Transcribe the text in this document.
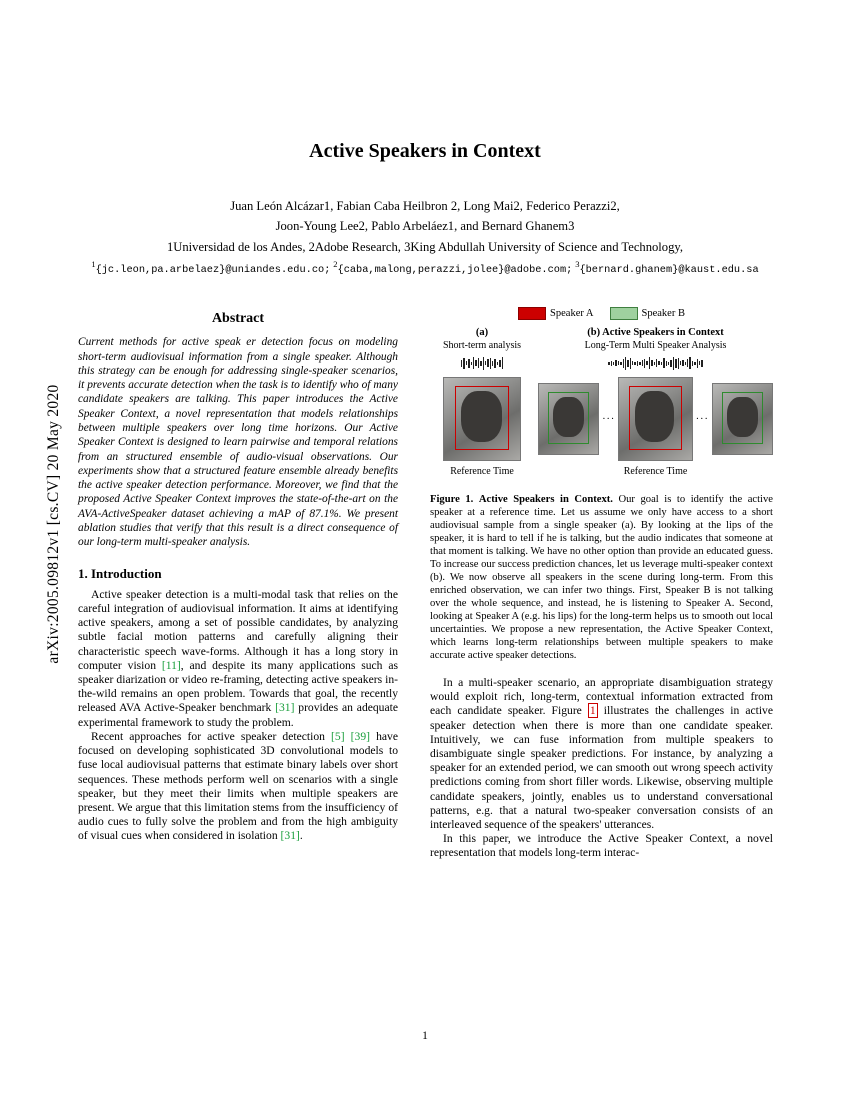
arXiv:2005.09812v1 [cs.CV] 20 May 2020
Active Speakers in Context
Juan León Alcázar1, Fabian Caba Heilbron 2, Long Mai2, Federico Perazzi2,
Joon-Young Lee2, Pablo Arbeláez1, and Bernard Ghanem3
1Universidad de los Andes, 2Adobe Research, 3King Abdullah University of Science and Technology,
$^1${jc.leon,pa.arbelaez}@uniandes.edu.co; $^2${caba,malong,perazzi,jolee}@adobe.com; $^3${bernard.ghanem}@kaust.edu.sa
Abstract
Current methods for active speak er detection focus on modeling short-term audiovisual information from a single speaker. Although this strategy can be enough for addressing single-speaker scenarios, it prevents accurate detection when the task is to identify who of many candidate speakers are talking. This paper introduces the Active Speaker Context, a novel representation that models relationships between multiple speakers over long time horizons. Our Active Speaker Context is designed to learn pairwise and temporal relations from an structured ensemble of audio-visual observations. Our experiments show that a structured feature ensemble already benefits the active speaker detection performance. Moreover, we find that the proposed Active Speaker Context improves the state-of-the-art on the AVA-ActiveSpeaker dataset achieving a mAP of 87.1%. We present ablation studies that verify that this result is a direct consequence of our long-term multi-speaker analysis.
1. Introduction

Active speaker detection is a multi-modal task that relies on the careful integration of audiovisual information. It aims at identifying active speakers, among a set of possible candidates, by analyzing subtle facial motion patterns and carefully aligning their characteristic speech wave-forms. Although it has a long story in computer vision [11], and despite its many applications such as speaker diarization or video re-framing, detecting active speakers in-the-wild remains an open problem. Towards that goal, the recently released AVA Active-Speaker benchmark [31] provides an adequate experimental framework to study the problem.

Recent approaches for active speaker detection [5] [39] have focused on developing sophisticated 3D convolutional models to fuse local audiovisual patterns that estimate binary labels over short sequences. These methods perform well on scenarios with a single speaker, but they meet their limits when multiple speakers are present. We argue that this limitation stems from the insufficiency of audio cues to fully solve the problem and from the high ambiguity of visual cues when considered in isolation [31].

Speaker A	Speaker B
(a)
Short-term analysis
Reference Time
(b) Active Speakers in Context
Long-Term Multi Speaker Analysis
···	···
Reference Time
Figure 1. Active Speakers in Context. Our goal is to identify the active speaker at a reference time. Let us assume we only have access to a short audiovisual sample from a single speaker (a). By looking at the lips of the speaker, it is hard to tell if he is talking, but the audio indicates that someone at that moment is talking. We have no other option than provide an educated guess. To increase our success prediction chances, let us leverage multi-speaker context (b). We now observe all speakers in the scene during long-term. From this enriched observation, we can infer two things. First, Speaker B is not talking over the whole sequence, and instead, he is listening to Speaker A. Second, looking at Speaker A (e.g. his lips) for the long-term helps us to smooth out local uncertainties. We propose a new representation, the Active Speaker Context, which learns long-term relationships between multiple speakers to make accurate active speaker detections.

In a multi-speaker scenario, an appropriate disambiguation strategy would exploit rich, long-term, contextual information extracted from each candidate speaker. Figure 1 illustrates the challenges in active speaker detection when there is more than one candidate speaker. Intuitively, we can fuse information from multiple speakers to disambiguate single speaker predictions. For instance, by analyzing a speaker for an extended period, we can smooth out wrong speech activity predictions coming from short filler words. Likewise, observing multiple candidate speakers, jointly, enables us to understand conversational patterns, e.g. that a natural two-speaker conversation consists of an interleaved sequence of the speakers' utterances.

In this paper, we introduce the Active Speaker Context, a novel representation that models long-term interac-

1
